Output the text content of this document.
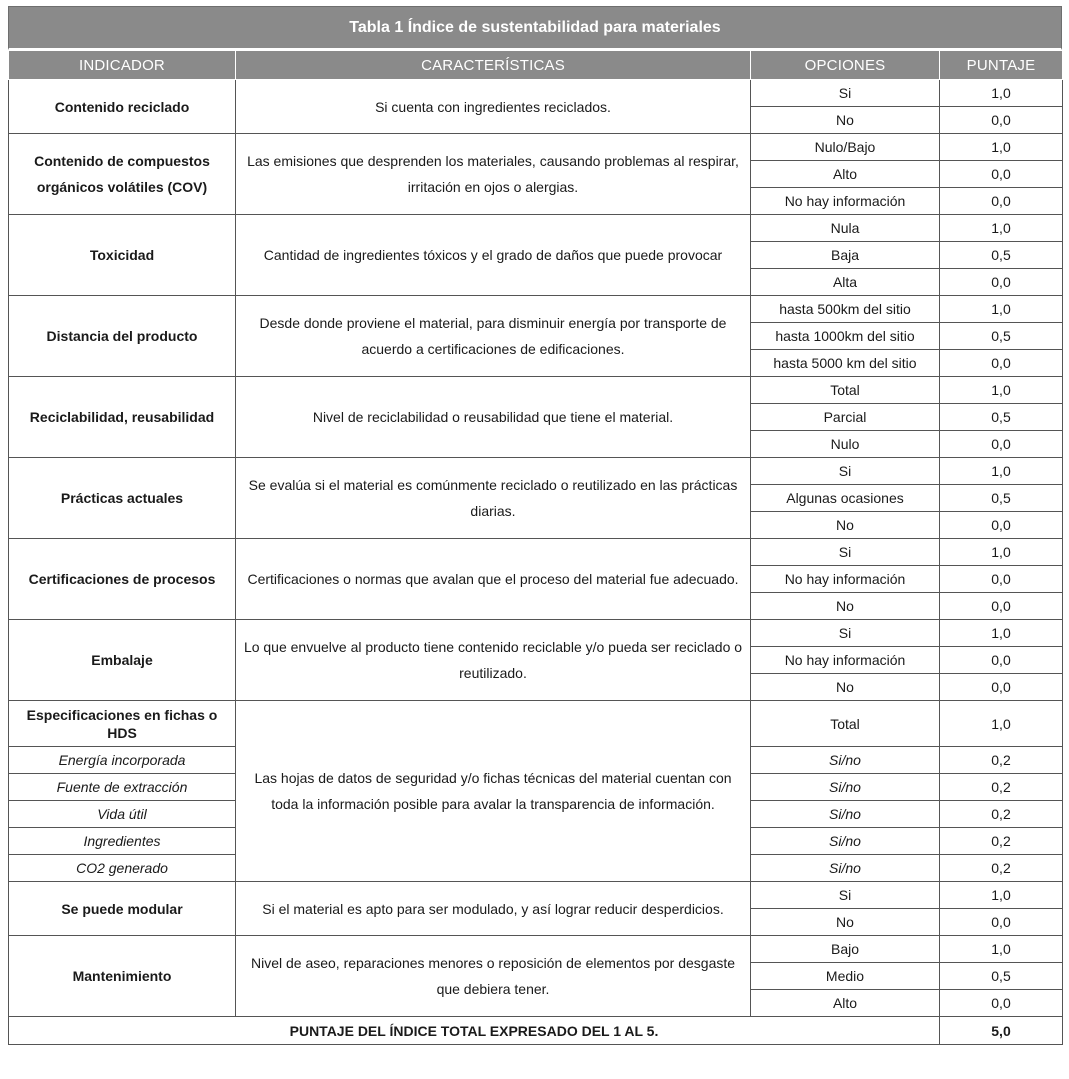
Tabla 1 Índice de sustentabilidad para materiales
INDICADOR	CARACTERÍSTICAS	OPCIONES	PUNTAJE
Contenido reciclado	Si cuenta con ingredientes reciclados.	Si	1,0
		No	0,0
Contenido de compuestos orgánicos volátiles (COV)	Las emisiones que desprenden los materiales, causando problemas al respirar, irritación en ojos o alergias.	Nulo/Bajo	1,0
		Alto	0,0
		No hay información	0,0
Toxicidad	Cantidad de ingredientes tóxicos y el grado de daños que puede provocar	Nula	1,0
		Baja	0,5
		Alta	0,0
Distancia del producto	Desde donde proviene el material, para disminuir energía por transporte de acuerdo a certificaciones de edificaciones.	hasta 500km del sitio	1,0
		hasta 1000km del sitio	0,5
		hasta 5000 km del sitio	0,0
Reciclabilidad, reusabilidad	Nivel de reciclabilidad o reusabilidad que tiene el material.	Total	1,0
		Parcial	0,5
		Nulo	0,0
Prácticas actuales	Se evalúa si el material es comúnmente reciclado o reutilizado en las prácticas diarias.	Si	1,0
		Algunas ocasiones	0,5
		No	0,0
Certificaciones de procesos	Certificaciones o normas que avalan que el proceso del material fue adecuado.	Si	1,0
		No hay información	0,0
		No	0,0
Embalaje	Lo que envuelve al producto tiene contenido reciclable y/o pueda ser reciclado o reutilizado.	Si	1,0
		No hay información	0,0
		No	0,0
Especificaciones en fichas o HDS	Las hojas de datos de seguridad y/o fichas técnicas del material cuentan con toda la información posible para avalar la transparencia de información.	Total	1,0
Energía incorporada		Si/no	0,2
Fuente de extracción		Si/no	0,2
Vida útil		Si/no	0,2
Ingredientes		Si/no	0,2
CO2 generado		Si/no	0,2
Se puede modular	Si el material es apto para ser modulado, y así lograr reducir desperdicios.	Si	1,0
		No	0,0
Mantenimiento	Nivel de aseo, reparaciones menores o reposición de elementos por desgaste que debiera tener.	Bajo	1,0
		Medio	0,5
		Alto	0,0
PUNTAJE DEL ÍNDICE TOTAL EXPRESADO DEL 1 AL 5.			5,0
